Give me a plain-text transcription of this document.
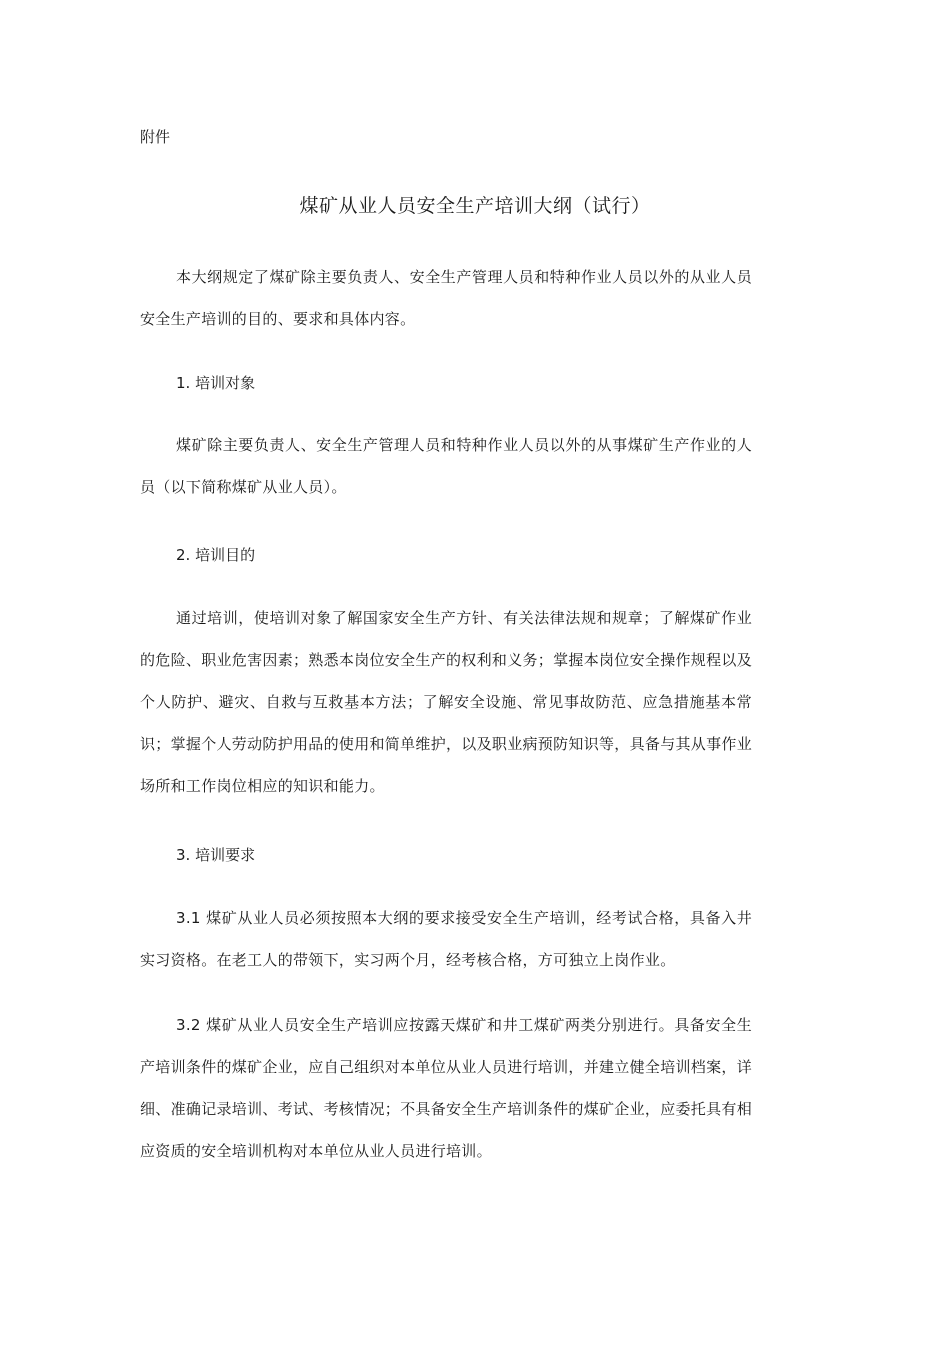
附件
煤矿从业人员安全生产培训大纲（试行）
本大纲规定了煤矿除主要负责人、安全生产管理人员和特种作业人员以外的从业人员安全生产培训的目的、要求和具体内容。
1. 培训对象
煤矿除主要负责人、安全生产管理人员和特种作业人员以外的从事煤矿生产作业的人员（以下简称煤矿从业人员）。
2. 培训目的
通过培训，使培训对象了解国家安全生产方针、有关法律法规和规章；了解煤矿作业的危险、职业危害因素；熟悉本岗位安全生产的权利和义务；掌握本岗位安全操作规程以及个人防护、避灾、自救与互救基本方法；了解安全设施、常见事故防范、应急措施基本常识；掌握个人劳动防护用品的使用和简单维护，以及职业病预防知识等，具备与其从事作业场所和工作岗位相应的知识和能力。
3. 培训要求
3.1 煤矿从业人员必须按照本大纲的要求接受安全生产培训，经考试合格，具备入井实习资格。在老工人的带领下，实习两个月，经考核合格，方可独立上岗作业。
3.2 煤矿从业人员安全生产培训应按露天煤矿和井工煤矿两类分别进行。具备安全生产培训条件的煤矿企业，应自己组织对本单位从业人员进行培训，并建立健全培训档案，详细、准确记录培训、考试、考核情况；不具备安全生产培训条件的煤矿企业，应委托具有相应资质的安全培训机构对本单位从业人员进行培训。
